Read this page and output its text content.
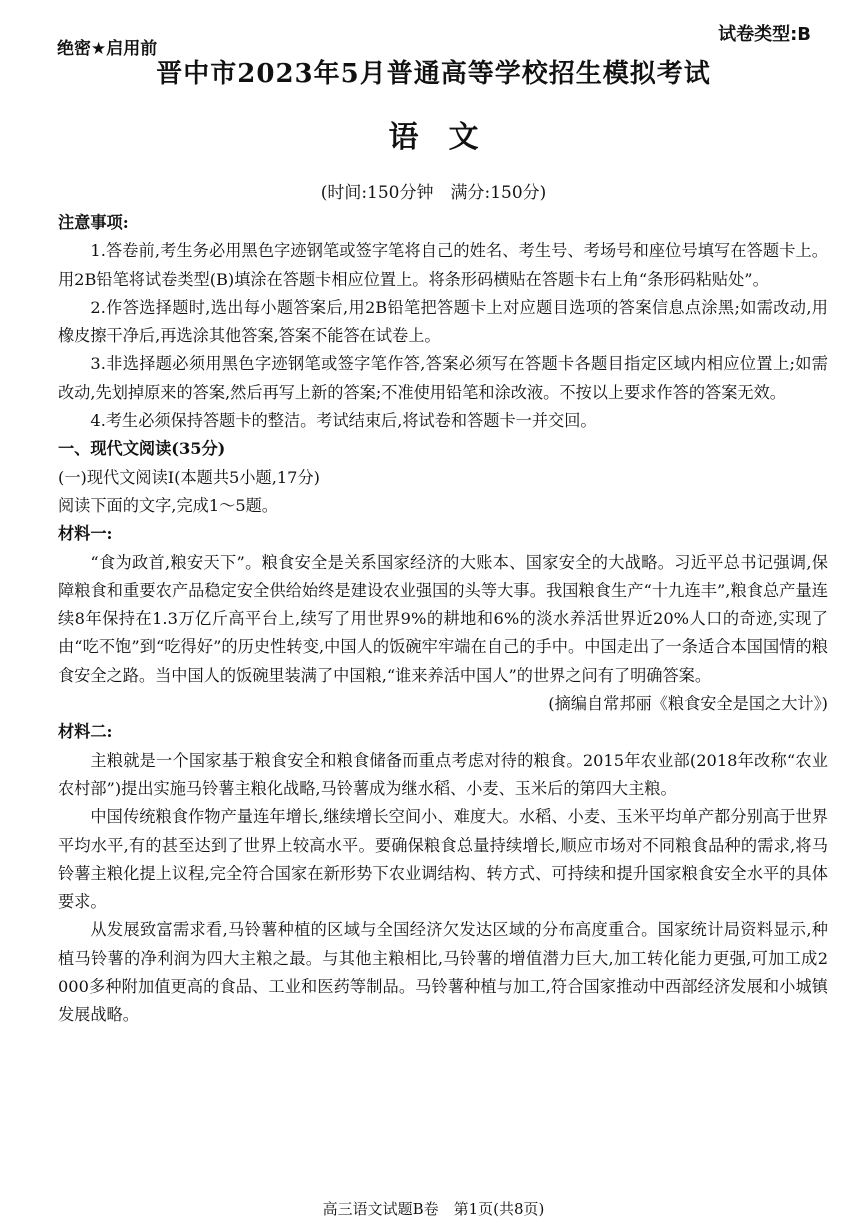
绝密★启用前
试卷类型:B
晋中市2023年5月普通高等学校招生模拟考试
语文
(时间:150分钟　满分:150分)

注意事项:

1.答卷前,考生务必用黑色字迹钢笔或签字笔将自己的姓名、考生号、考场号和座位号填写在答题卡上。用2B铅笔将试卷类型(B)填涂在答题卡相应位置上。将条形码横贴在答题卡右上角“条形码粘贴处”。

2.作答选择题时,选出每小题答案后,用2B铅笔把答题卡上对应题目选项的答案信息点涂黑;如需改动,用橡皮擦干净后,再选涂其他答案,答案不能答在试卷上。

3.非选择题必须用黑色字迹钢笔或签字笔作答,答案必须写在答题卡各题目指定区域内相应位置上;如需改动,先划掉原来的答案,然后再写上新的答案;不准使用铅笔和涂改液。不按以上要求作答的答案无效。

4.考生必须保持答题卡的整洁。考试结束后,将试卷和答题卡一并交回。

一、现代文阅读(35分)

(一)现代文阅读Ⅰ(本题共5小题,17分)

阅读下面的文字,完成1～5题。

材料一:

“食为政首,粮安天下”。粮食安全是关系国家经济的大账本、国家安全的大战略。习近平总书记强调,保障粮食和重要农产品稳定安全供给始终是建设农业强国的头等大事。我国粮食生产“十九连丰”,粮食总产量连续8年保持在1.3万亿斤高平台上,续写了用世界9%的耕地和6%的淡水养活世界近20%人口的奇迹,实现了由“吃不饱”到“吃得好”的历史性转变,中国人的饭碗牢牢端在自己的手中。中国走出了一条适合本国国情的粮食安全之路。当中国人的饭碗里装满了中国粮,“谁来养活中国人”的世界之问有了明确答案。

(摘编自常邦丽《粮食安全是国之大计》)

材料二:

主粮就是一个国家基于粮食安全和粮食储备而重点考虑对待的粮食。2015年农业部(2018年改称“农业农村部”)提出实施马铃薯主粮化战略,马铃薯成为继水稻、小麦、玉米后的第四大主粮。

中国传统粮食作物产量连年增长,继续增长空间小、难度大。水稻、小麦、玉米平均单产都分别高于世界平均水平,有的甚至达到了世界上较高水平。要确保粮食总量持续增长,顺应市场对不同粮食品种的需求,将马铃薯主粮化提上议程,完全符合国家在新形势下农业调结构、转方式、可持续和提升国家粮食安全水平的具体要求。

从发展致富需求看,马铃薯种植的区域与全国经济欠发达区域的分布高度重合。国家统计局资料显示,种植马铃薯的净利润为四大主粮之最。与其他主粮相比,马铃薯的增值潜力巨大,加工转化能力更强,可加工成2 000多种附加值更高的食品、工业和医药等制品。马铃薯种植与加工,符合国家推动中西部经济发展和小城镇发展战略。

高三语文试题B卷　第1页(共8页)
